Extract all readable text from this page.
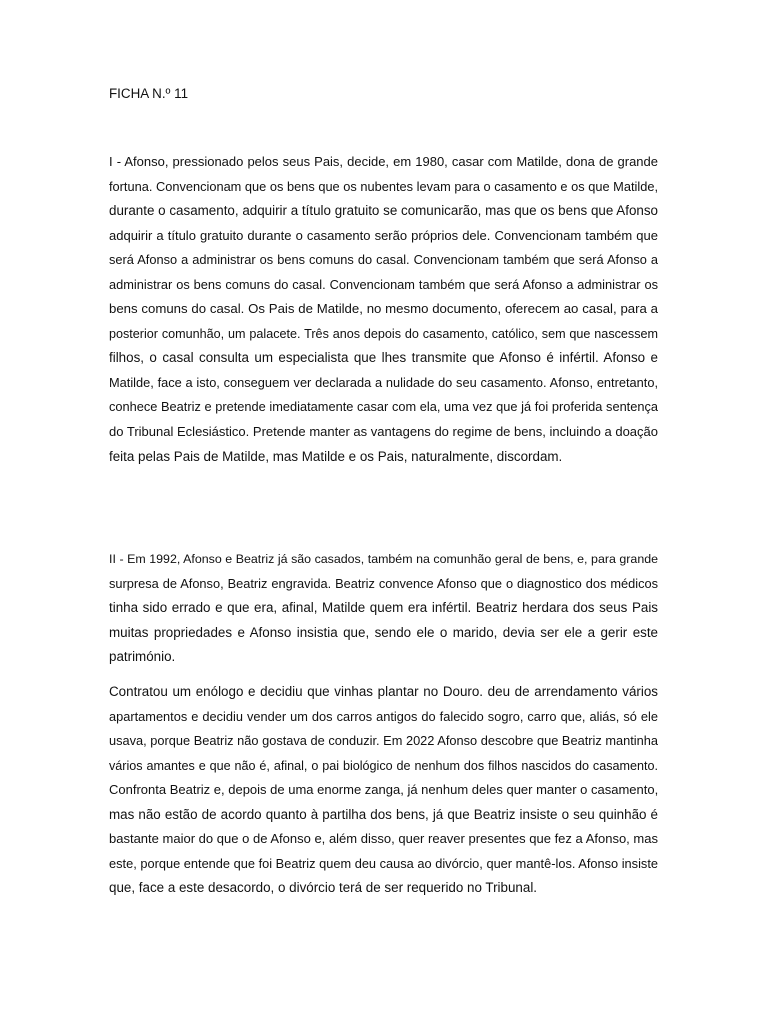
FICHA N.º 11
I - Afonso, pressionado pelos seus Pais, decide, em 1980, casar com Matilde, dona de grande
fortuna. Convencionam que os bens que os nubentes levam para o casamento e os que Matilde,
durante o casamento, adquirir a título gratuito se comunicarão, mas que os bens que Afonso
adquirir a título gratuito durante o casamento serão próprios dele. Convencionam também que
será Afonso a administrar os bens comuns do casal. Convencionam também que será Afonso a
administrar os bens comuns do casal. Convencionam também que será Afonso a administrar os
bens comuns do casal. Os Pais de Matilde, no mesmo documento, oferecem ao casal, para a
posterior comunhão, um palacete. Três anos depois do casamento, católico, sem que nascessem
filhos, o casal consulta um especialista que lhes transmite que Afonso é infértil. Afonso e
Matilde, face a isto, conseguem ver declarada a nulidade do seu casamento. Afonso, entretanto,
conhece Beatriz e pretende imediatamente casar com ela, uma vez que já foi proferida sentença
do Tribunal Eclesiástico. Pretende manter as vantagens do regime de bens, incluindo a doação
feita pelas Pais de Matilde, mas Matilde e os Pais, naturalmente, discordam.
II - Em 1992, Afonso e Beatriz já são casados, também na comunhão geral de bens, e, para grande
surpresa de Afonso, Beatriz engravida. Beatriz convence Afonso que o diagnostico dos médicos
tinha sido errado e que era, afinal, Matilde quem era infértil. Beatriz herdara dos seus Pais
muitas propriedades e Afonso insistia que, sendo ele o marido, devia ser ele a gerir este
património.
Contratou um enólogo e decidiu que vinhas plantar no Douro. deu de arrendamento vários
apartamentos e decidiu vender um dos carros antigos do falecido sogro, carro que, aliás, só ele
usava, porque Beatriz não gostava de conduzir. Em 2022 Afonso descobre que Beatriz mantinha
vários amantes e que não é, afinal, o pai biológico de nenhum dos filhos nascidos do casamento.
Confronta Beatriz e, depois de uma enorme zanga, já nenhum deles quer manter o casamento,
mas não estão de acordo quanto à partilha dos bens, já que Beatriz insiste o seu quinhão é
bastante maior do que o de Afonso e, além disso, quer reaver presentes que fez a Afonso, mas
este, porque entende que foi Beatriz quem deu causa ao divórcio, quer mantê-los. Afonso insiste
que, face a este desacordo, o divórcio terá de ser requerido no Tribunal.
